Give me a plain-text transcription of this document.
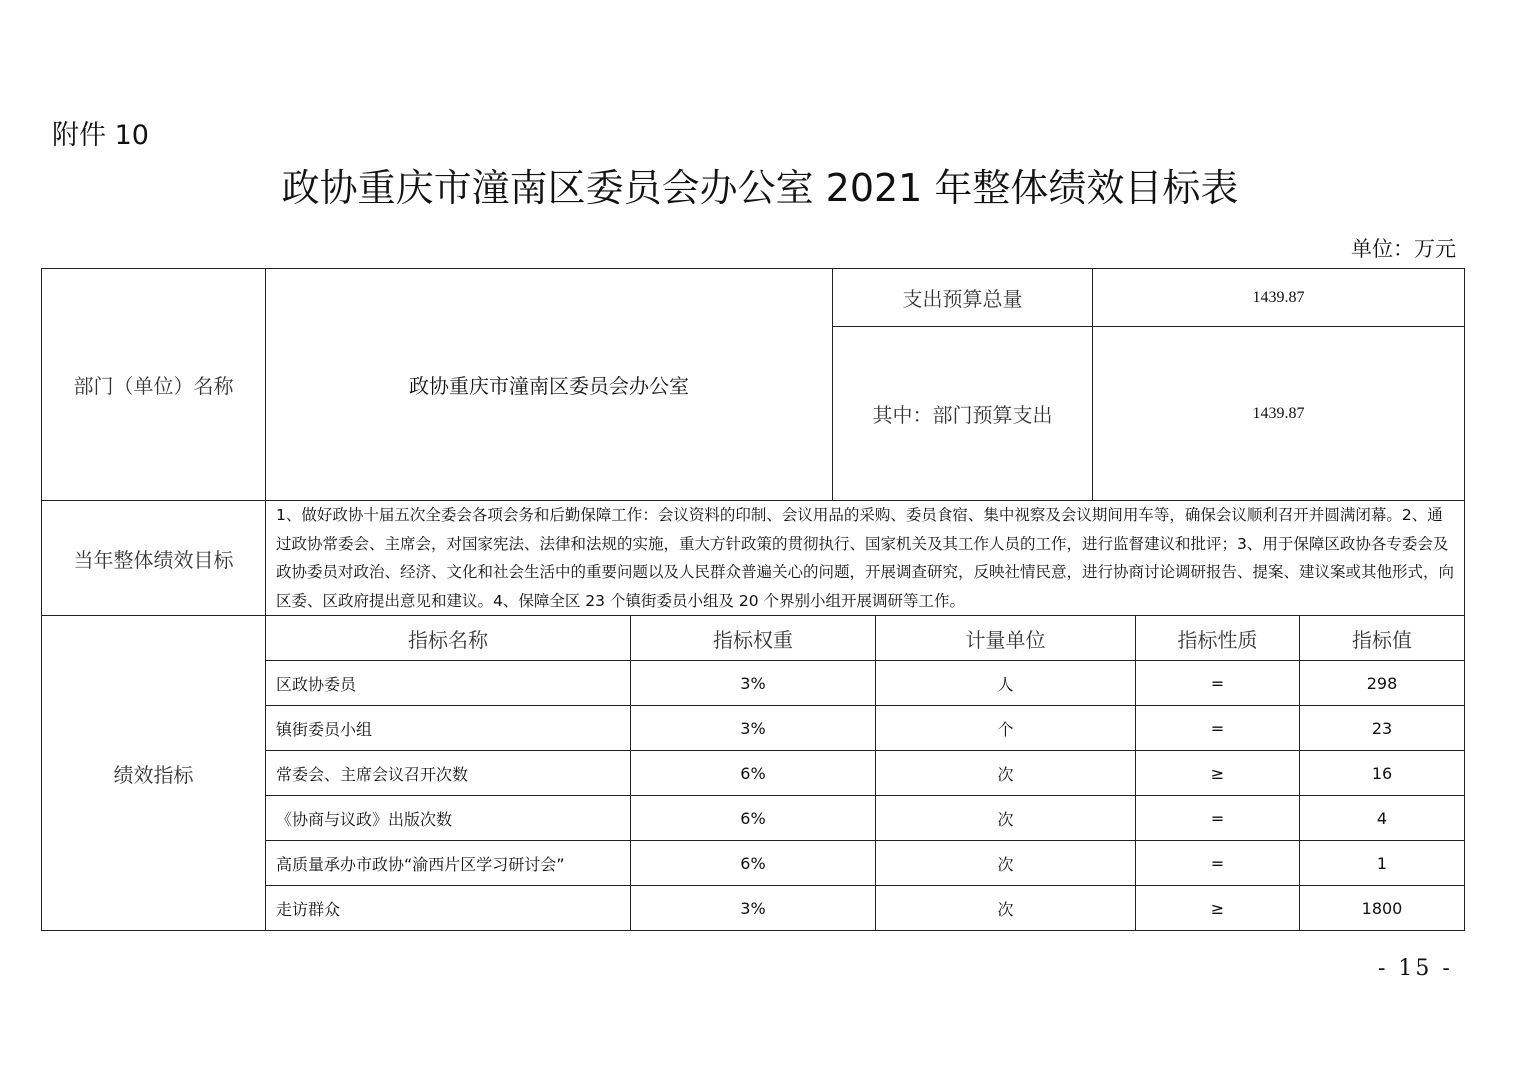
附件 10
政协重庆市潼南区委员会办公室 2021 年整体绩效目标表
单位：万元
部门（单位）名称	政协重庆市潼南区委员会办公室		支出预算总量		1439.87		
			其中：部门预算支出		1439.87		
当年整体绩效目标	1、做好政协十届五次全委会各项会务和后勤保障工作：会议资料的印制、会议用品的采购、委员食宿、集中视察及会议期间用车等，确保会议顺利召开并圆满闭幕。2、通过政协常委会、主席会，对国家宪法、法律和法规的实施，重大方针政策的贯彻执行、国家机关及其工作人员的工作，进行监督建议和批评；3、用于保障区政协各专委会及政协委员对政治、经济、文化和社会生活中的重要问题以及人民群众普遍关心的问题，开展调查研究，反映社情民意，进行协商讨论调研报告、提案、建议案或其他形式，向区委、区政府提出意见和建议。4、保障全区 23 个镇街委员小组及 20 个界别小组开展调研等工作。						
绩效指标	指标名称	指标权重		计量单位		指标性质	指标值
	区政协委员	3%		人		=	298
	镇街委员小组	3%		个		=	23
	常委会、主席会议召开次数	6%		次		≥	16
	《协商与议政》出版次数	6%		次		=	4
	高质量承办市政协“渝西片区学习研讨会”	6%		次		=	1
	走访群众	3%		次		≥	1800
- 15 -
